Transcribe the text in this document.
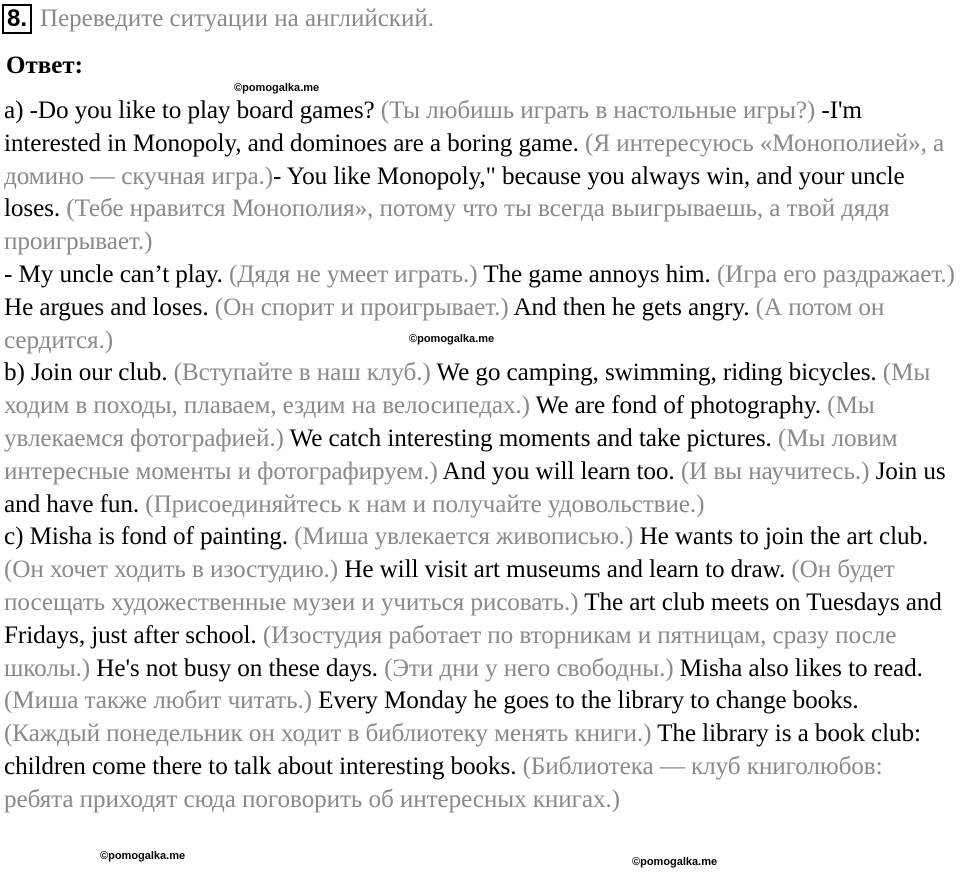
8. Переведите ситуации на английский.
Ответ:
©pomogalka.me
©pomogalka.me
©pomogalka.me	©pomogalka.me

a) -Do you like to play board games? (Ты любишь играть в настольные игры?) -I'm interested in Monopoly, and dominoes are a boring game. (Я интересуюсь «Монополией», а домино — скучная игра.)- You like Monopoly," because you always win, and your uncle loses. (Тебе нравится Монополия», потому что ты всегда выигрываешь, а твой дядя проигрывает.)

- My uncle can’t play. (Дядя не умеет играть.) The game annoys him. (Игра его раздражает.) He argues and loses. (Он спорит и проигрывает.) And then he gets angry. (А потом он сердится.)

b) Join our club. (Вступайте в наш клуб.) We go camping, swimming, riding bicycles. (Мы ходим в походы, плаваем, ездим на велосипедах.) We are fond of photography. (Мы увлекаемся фотографией.) We catch interesting moments and take pictures. (Мы ловим интересные моменты и фотографируем.) And you will learn too. (И вы научитесь.) Join us and have fun. (Присоединяйтесь к нам и получайте удовольствие.)

c) Misha is fond of painting. (Миша увлекается живописью.) He wants to join the art club. (Он хочет ходить в изостудию.) He will visit art museums and learn to draw. (Он будет посещать художественные музеи и учиться рисовать.) The art club meets on Tuesdays and Fridays, just after school. (Изостудия работает по вторникам и пятницам, сразу после школы.) He's not busy on these days. (Эти дни у него свободны.) Misha also likes to read. (Миша также любит читать.) Every Monday he goes to the library to change books. (Каждый понедельник он ходит в библиотеку менять книги.) The library is a book club: children come there to talk about interesting books. (Библиотека — клуб книголюбов: ребята приходят сюда поговорить об интересных книгах.)
